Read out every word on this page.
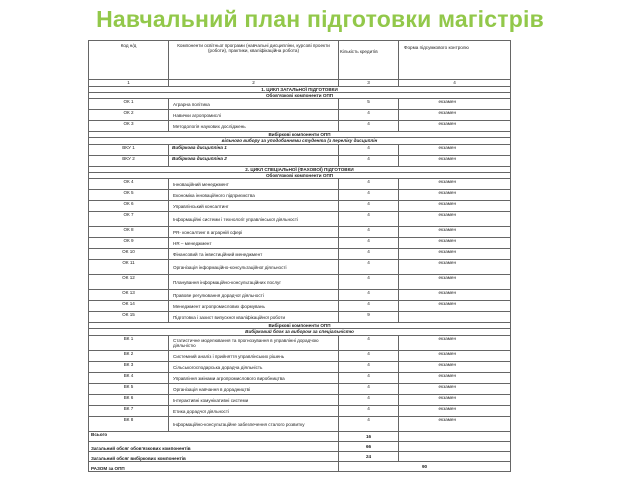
Навчальний план підготовки магістрів
Код н/д	Компоненти освітньої програми (навчальні дисципліни, курсові проекти (роботи), практики, кваліфікаційна робота)	Кількість кредитів	Форма підсумкового контролю
1	2	3	4
1. ЦИКЛ ЗАГАЛЬНОЇ ПІДГОТОВКИ			
Обов'язкові компоненти ОПП			
ОК 1	Аграрна політика	5	екзамен
ОК 2	Навички агропромислі	4	екзамен
ОК 3	Методологія наукових досліджень	4	екзамен
Вибіркові компоненти ОПП			
вільного вибору за уподобаннями студента (з переліку дисциплін			
ВКУ 1	Вибіркова дисципліна 1	4	екзамен
ВКУ 2	Вибіркова дисципліна 2	4	екзамен
2. ЦИКЛ СПЕЦІАЛЬНОЇ (ФАХОВОЇ) ПІДГОТОВКИ			
Обов'язкові компоненти ОПП			
ОК 4	Інноваційний менеджмент	4	екзамен
ОК 5	Економіка інноваційного підприємства	4	екзамен
ОК 6	Управлінський консалтинг	4	екзамен
ОК 7	Інформаційні системи і технології управлінської діяльності	4	екзамен
ОК 8	PR- консалтинг в аграрній сфері	4	екзамен
ОК 9	HR – менеджмент	4	екзамен
ОК 10	Фінансовий та інвестиційний менеджмент	4	екзамен
ОК 11	Організація інформаційно-консультаційної діяльності	4	екзамен
ОК 12	Планування інформаційно-консультаційних послуг	4	екзамен
ОК 13	Правове регулювання дорадчої діяльності	4	екзамен
ОК 14	Менеджмент агропромислових формувань	4	екзамен
ОК 15	Підготовка і захист випускної кваліфікаційної роботи	9	
Вибіркові компоненти ОПП			
Вибірковий блок за вибором за спеціальністю			
ВК 1	Статистичне моделювання та прогнозування в управлінні дорадчою діяльністю	4	екзамен
ВК 2	Системний аналіз і прийняття управлінських рішень	4	екзамен
ВК 3	Сільськогосподарська дорадча діяльність	4	екзамен
ВК 4	Управління змінами агропромислового виробництва	4	екзамен
ВК 5	Організація навчання в дорадництві	4	екзамен
ВК 6	Інтерактивні комунікативні системи	4	екзамен
ВК 7	Етика дорадчої діяльності	4	екзамен
ВК 8	Інформаційно-консультаційне забезпечення сталого розвитку	4	екзамен
Всього		16	
Загальний обсяг обов'язкових компонентів		66	
Загальний обсяг вибіркових компонентів		24	
РАЗОМ за ОПП		90	
